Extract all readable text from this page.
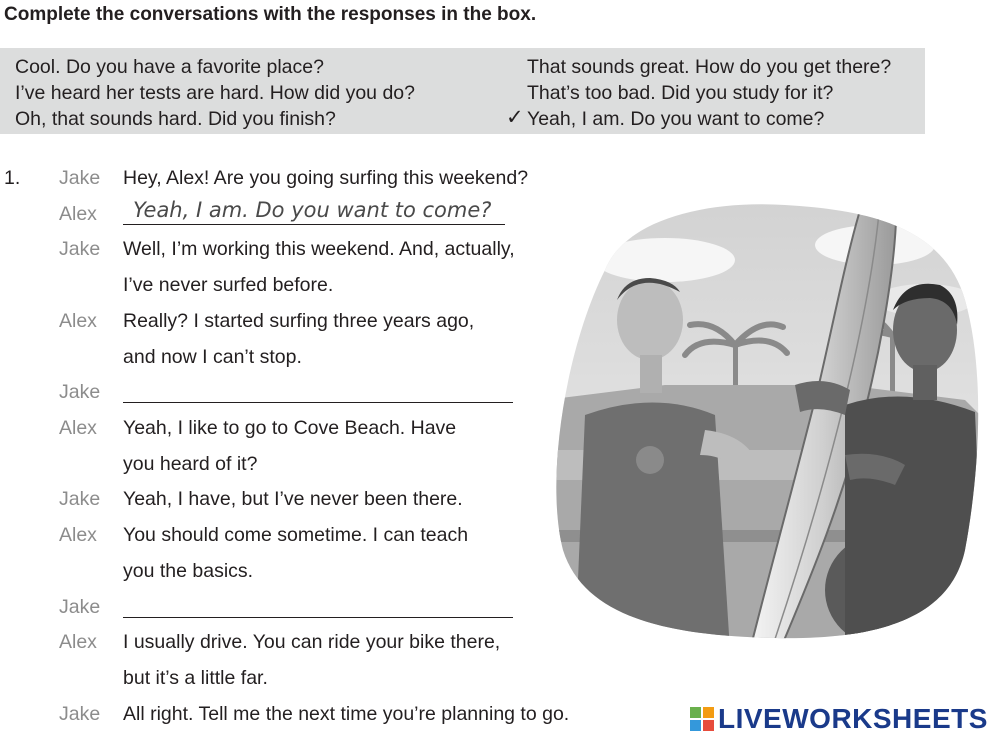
Complete the conversations with the responses in the box.
Cool. Do you have a favorite place?
I’ve heard her tests are hard. How did you do?
Oh, that sounds hard. Did you finish?
That sounds great. How do you get there?
That’s too bad. Did you study for it?
✓ Yeah, I am. Do you want to come?
1. Jake Hey, Alex! Are you going surfing this weekend?
Alex	Yeah, I am. Do you want to come?
Jake Well, I’m working this weekend. And, actually,
I’ve never surfed before.
Alex Really? I started surfing three years ago,
and now I can’t stop.
Jake
Alex Yeah, I like to go to Cove Beach. Have
you heard of it?
Jake Yeah, I have, but I’ve never been there.
Alex You should come sometime. I can teach
you the basics.
Jake
Alex I usually drive. You can ride your bike there,
but it’s a little far.
Jake All right. Tell me the next time you’re planning to go.	LIVEWORKSHEETS
